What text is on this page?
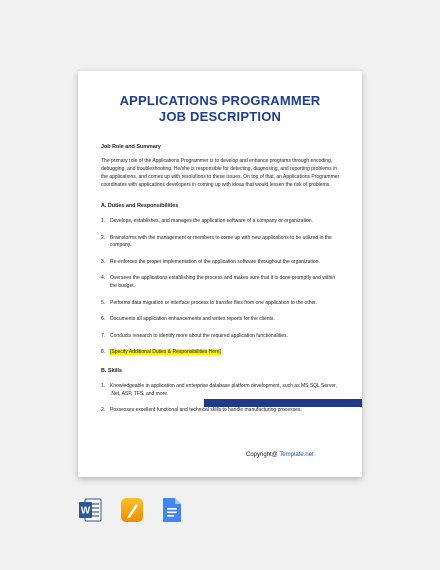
APPLICATIONS PROGRAMMER
JOB DESCRIPTION

Job Role and Summary

The primary role of the Applications Programmer is to develop and enhance programs through encoding, debugging, and troubleshooting. He/she is responsible for detecting, diagnosing, and reporting problems in the applications, and comes up with resolutions to these issues. On top of that, an Applications Programmer coordinates with applications developers in coming up with ideas that would lessen the risk of problems.

A. Duties and Responsibilities

1. Develops, establishes, and manages the application software of a company or organization.
2. Brainstorms with the management or members to come up with new applications to be utilized in the company.
3. Re-enforces the proper implementation of the application software throughout the organization.
4. Oversees the applications establishing the process and makes sure that it is done promptly and within the budget.
5. Performs data migration or interface process to transfer files from one application to the other.
6. Documents all application enhancements and writes reports for the clients.
7. Conducts research to identify more about the required application functionalities.
8. [Specify Additional Duties & Responsibilities Here]

B. Skills

1. Knowledgeable in application and enterprise database platform development, such as MS SQL Server, .Net, ASP, TFS, and more.
2. Possesses excellent functional and technical skills to handle manufacturing processes.
Copyright@ Template.net
W
